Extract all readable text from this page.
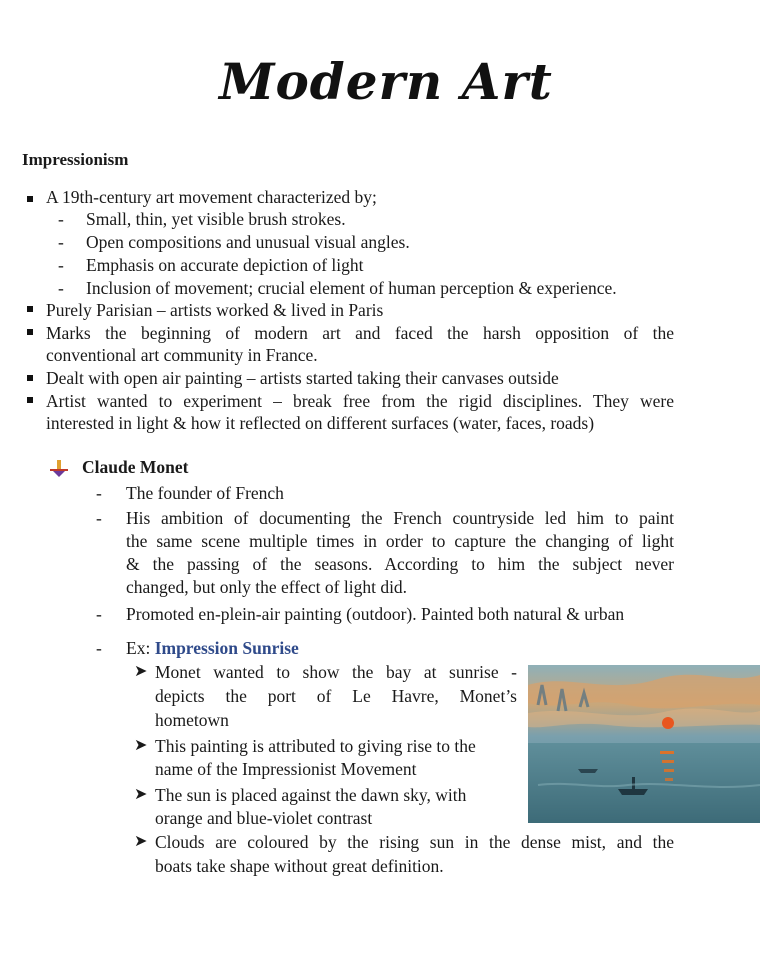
Modern Art
Impressionism
A 19th-century art movement characterized by;
- Small, thin, yet visible brush strokes.
- Open compositions and unusual visual angles.
- Emphasis on accurate depiction of light
- Inclusion of movement; crucial element of human perception & experience.
Purely Parisian – artists worked & lived in Paris
Marks the beginning of modern art and faced the harsh opposition of the
conventional art community in France.
Dealt with open air painting – artists started taking their canvases outside
Artist wanted to experiment – break free from the rigid disciplines. They were
interested in light & how it reflected on different surfaces (water, faces, roads)
Claude Monet
- The founder of French
- His ambition of documenting the French countryside led him to paint
the same scene multiple times in order to capture the changing of light
& the passing of the seasons. According to him the subject never
changed, but only the effect of light did.
- Promoted en-plein-air painting (outdoor). Painted both natural & urban
- Ex: Impression Sunrise
➤ Monet wanted to show the bay at sunrise -
depicts the port of Le Havre, Monet’s
hometown
➤ This painting is attributed to giving rise to the
name of the Impressionist Movement
➤ The sun is placed against the dawn sky, with
orange and blue-violet contrast
➤ Clouds are coloured by the rising sun in the dense mist, and the
boats take shape without great definition.
